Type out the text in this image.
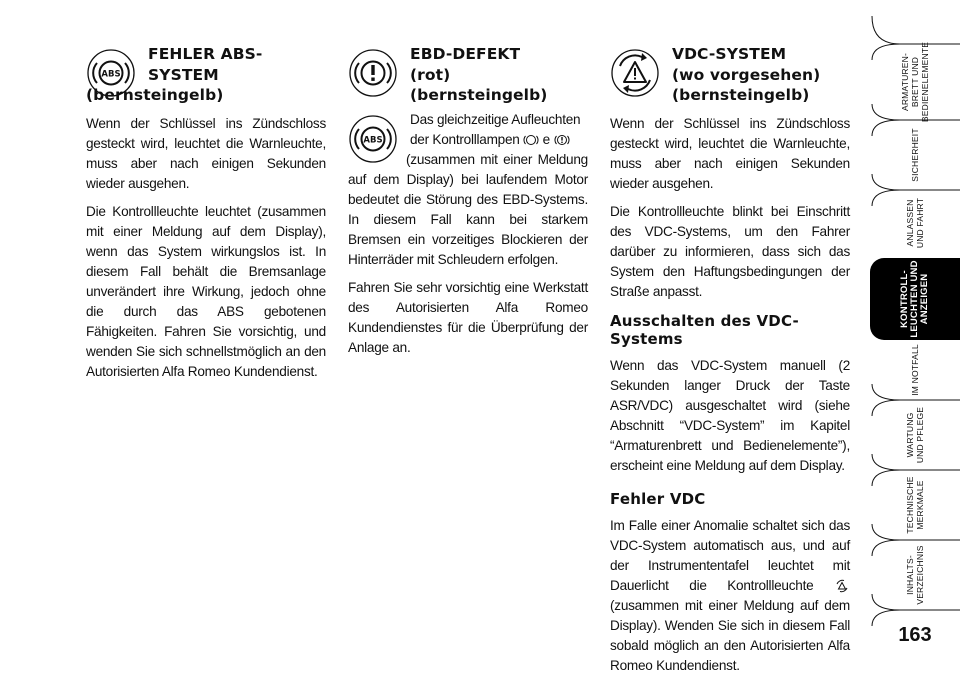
ABS
FEHLER ABS-
SYSTEM
(bernsteingelb)

Wenn der Schlüssel ins Zündschloss gesteckt wird, leuchtet die Warnleuchte, muss aber nach einigen Sekunden wieder ausgehen.

Die Kontrollleuchte leuchtet (zusammen mit einer Meldung auf dem Display), wenn das System wirkungslos ist. In diesem Fall behält die Bremsanlage unverändert ihre Wirkung, jedoch ohne die durch das ABS gebotenen Fähigkeiten. Fahren Sie vorsichtig, und wenden Sie sich schnellstmöglich an den Autorisierten Alfa Romeo Kundendienst.

EBD-DEFEKT
(rot)
(bernsteingelb)
ABS

Das gleichzeitige Aufleuchten der Kontrolllampen e
(zusammen mit einer Meldung auf dem Display) bei laufendem Motor bedeutet die Störung des EBD-Systems. In diesem Fall kann bei starkem Bremsen ein vorzeitiges Blockieren der Hinterräder mit Schleudern erfolgen.

Fahren Sie sehr vorsichtig eine Werkstatt des Autorisierten Alfa Romeo Kundendienstes für die Überprüfung der Anlage an.

VDC-SYSTEM
(wo vorgesehen)
(bernsteingelb)

Wenn der Schlüssel ins Zündschloss gesteckt wird, leuchtet die Warnleuchte, muss aber nach einigen Sekunden wieder ausgehen.

Die Kontrollleuchte blinkt bei Einschritt des VDC-Systems, um den Fahrer darüber zu informieren, dass sich das System den Haftungsbedingungen der Straße anpasst.

Ausschalten des VDC-Systems

Wenn das VDC-System manuell (2 Sekunden langer Druck der Taste ASR/VDC) ausgeschaltet wird (siehe Abschnitt “VDC-System” im Kapitel “Armaturenbrett und Bedienelemente”), erscheint eine Meldung auf dem Display.

Fehler VDC

Im Falle einer Anomalie schaltet sich das VDC-System automatisch aus, und auf der Instrumententafel leuchtet mit Dauerlicht die Kontrollleuchte  (zusammen mit einer Meldung auf dem Display). Wenden Sie sich in diesem Fall sobald möglich an den Autorisierten Alfa Romeo Kundendienst.

ARMATUREN-
BRETT UND
BEDIENELEMENTE
SICHERHEIT
ANLASSEN
UND FAHRT
KONTROLL-
LEUCHTEN UND
ANZEIGEN
IM NOTFALL
WARTUNG
UND PFLEGE
TECHNISCHE
MERKMALE
INHALTS-
VERZEICHNIS
163
